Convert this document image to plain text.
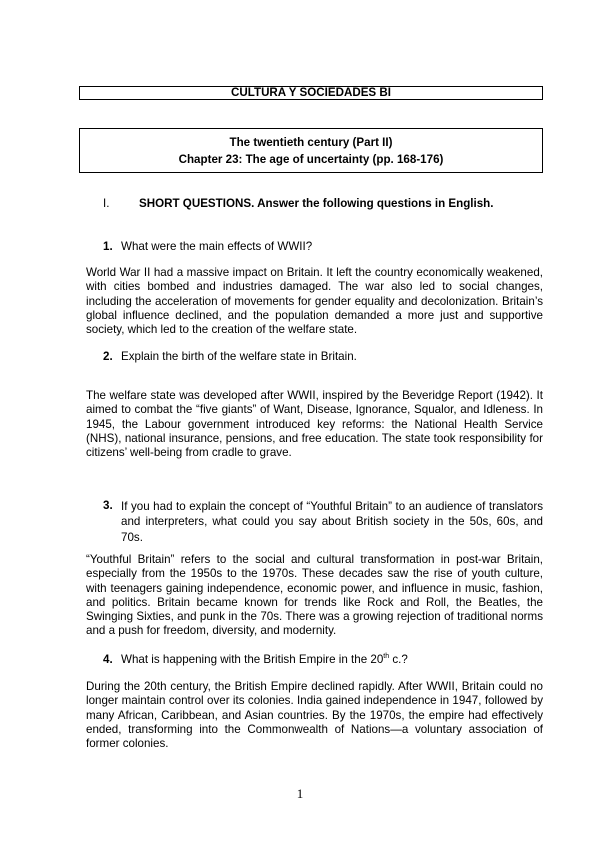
CULTURA Y SOCIEDADES BI
The twentieth century (Part II)
Chapter 23: The age of uncertainty (pp. 168-176)
I.	SHORT QUESTIONS. Answer the following questions in English.
1. What were the main effects of WWII?
World War II had a massive impact on Britain. It left the country economically weakened, with cities bombed and industries damaged. The war also led to social changes, including the acceleration of movements for gender equality and decolonization. Britain’s global influence declined, and the population demanded a more just and supportive society, which led to the creation of the welfare state.
2. Explain the birth of the welfare state in Britain.
The welfare state was developed after WWII, inspired by the Beveridge Report (1942). It aimed to combat the “five giants” of Want, Disease, Ignorance, Squalor, and Idleness. In 1945, the Labour government introduced key reforms: the National Health Service (NHS), national insurance, pensions, and free education. The state took responsibility for citizens’ well-being from cradle to grave.
3. If you had to explain the concept of “Youthful Britain” to an audience of translators and interpreters, what could you say about British society in the 50s, 60s, and 70s.
“Youthful Britain” refers to the social and cultural transformation in post-war Britain, especially from the 1950s to the 1970s. These decades saw the rise of youth culture, with teenagers gaining independence, economic power, and influence in music, fashion, and politics. Britain became known for trends like Rock and Roll, the Beatles, the Swinging Sixties, and punk in the 70s. There was a growing rejection of traditional norms and a push for freedom, diversity, and modernity.
4. What is happening with the British Empire in the 20th c.?
During the 20th century, the British Empire declined rapidly. After WWII, Britain could no longer maintain control over its colonies. India gained independence in 1947, followed by many African, Caribbean, and Asian countries. By the 1970s, the empire had effectively ended, transforming into the Commonwealth of Nations—a voluntary association of former colonies.
1
